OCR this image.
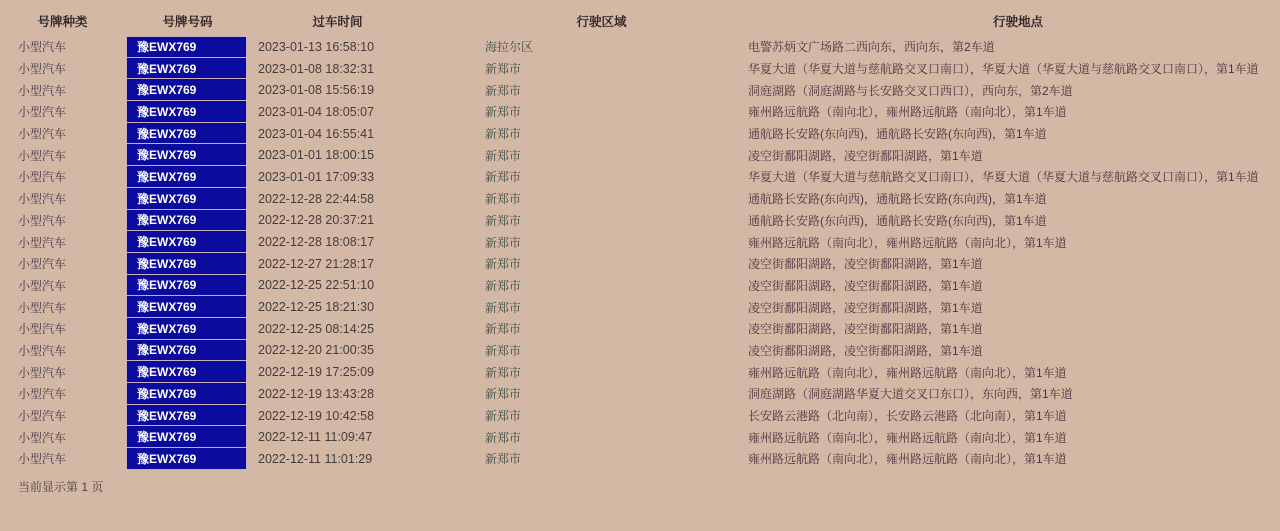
号牌种类	号牌号码	过车时间	行驶区域	行驶地点
小型汽车	豫EWX769	2023-01-13 16:58:10	海拉尔区	电警苏炳文广场路二西向东，西向东，第2车道
小型汽车	豫EWX769	2023-01-08 18:32:31	新郑市	华夏大道（华夏大道与慈航路交叉口南口），华夏大道（华夏大道与慈航路交叉口南口），第1车道
小型汽车	豫EWX769	2023-01-08 15:56:19	新郑市	洞庭湖路（洞庭湖路与长安路交叉口西口），西向东，第2车道
小型汽车	豫EWX769	2023-01-04 18:05:07	新郑市	雍州路远航路（南向北），雍州路远航路（南向北），第1车道
小型汽车	豫EWX769	2023-01-04 16:55:41	新郑市	通航路长安路(东向西)，通航路长安路(东向西)，第1车道
小型汽车	豫EWX769	2023-01-01 18:00:15	新郑市	凌空街鄱阳湖路，凌空街鄱阳湖路，第1车道
小型汽车	豫EWX769	2023-01-01 17:09:33	新郑市	华夏大道（华夏大道与慈航路交叉口南口），华夏大道（华夏大道与慈航路交叉口南口），第1车道
小型汽车	豫EWX769	2022-12-28 22:44:58	新郑市	通航路长安路(东向西)，通航路长安路(东向西)，第1车道
小型汽车	豫EWX769	2022-12-28 20:37:21	新郑市	通航路长安路(东向西)，通航路长安路(东向西)，第1车道
小型汽车	豫EWX769	2022-12-28 18:08:17	新郑市	雍州路远航路（南向北），雍州路远航路（南向北），第1车道
小型汽车	豫EWX769	2022-12-27 21:28:17	新郑市	凌空街鄱阳湖路，凌空街鄱阳湖路，第1车道
小型汽车	豫EWX769	2022-12-25 22:51:10	新郑市	凌空街鄱阳湖路，凌空街鄱阳湖路，第1车道
小型汽车	豫EWX769	2022-12-25 18:21:30	新郑市	凌空街鄱阳湖路，凌空街鄱阳湖路，第1车道
小型汽车	豫EWX769	2022-12-25 08:14:25	新郑市	凌空街鄱阳湖路，凌空街鄱阳湖路，第1车道
小型汽车	豫EWX769	2022-12-20 21:00:35	新郑市	凌空街鄱阳湖路，凌空街鄱阳湖路，第1车道
小型汽车	豫EWX769	2022-12-19 17:25:09	新郑市	雍州路远航路（南向北），雍州路远航路（南向北），第1车道
小型汽车	豫EWX769	2022-12-19 13:43:28	新郑市	洞庭湖路（洞庭湖路华夏大道交叉口东口），东向西，第1车道
小型汽车	豫EWX769	2022-12-19 10:42:58	新郑市	长安路云港路（北向南），长安路云港路（北向南），第1车道
小型汽车	豫EWX769	2022-12-11 11:09:47	新郑市	雍州路远航路（南向北），雍州路远航路（南向北），第1车道
小型汽车	豫EWX769	2022-12-11 11:01:29	新郑市	雍州路远航路（南向北），雍州路远航路（南向北），第1车道
当前显示第 1 页
